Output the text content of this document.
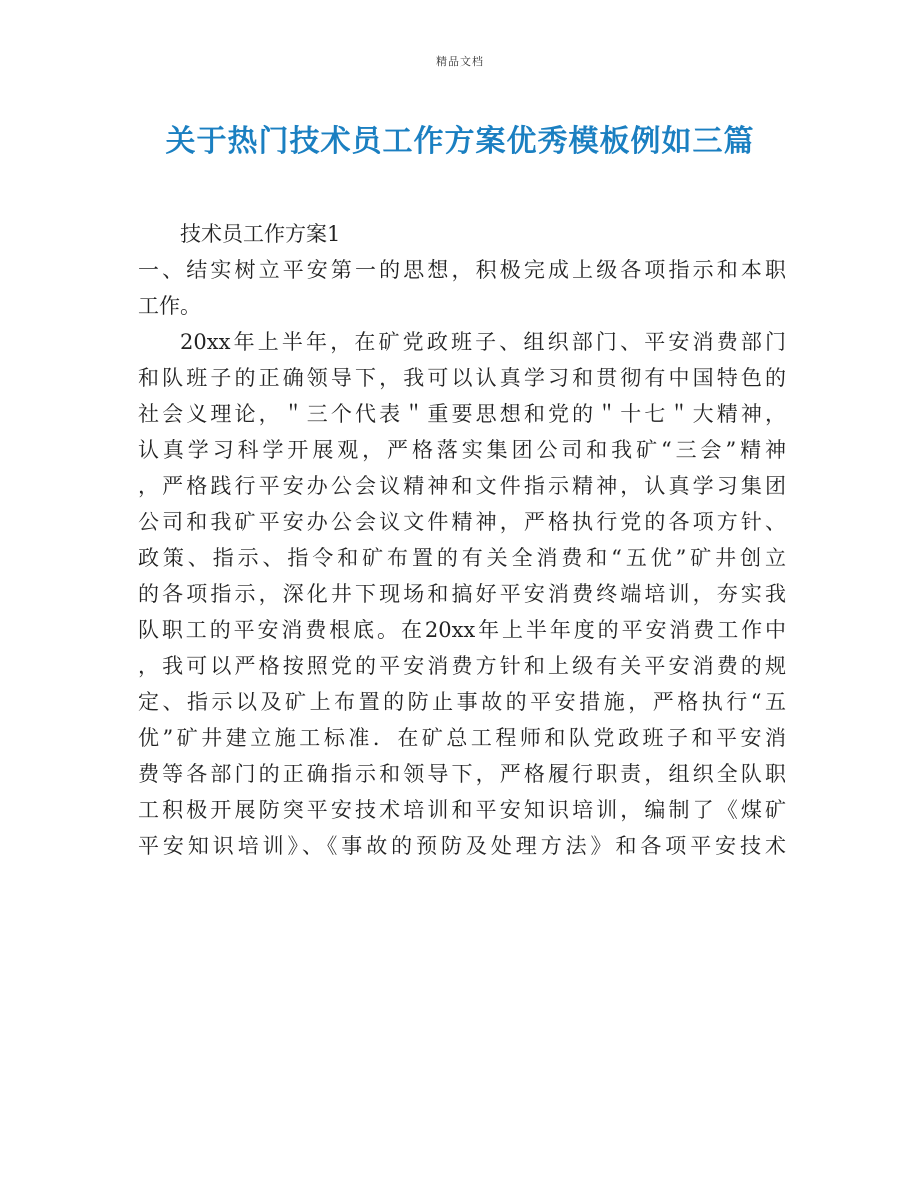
精品文档
关于热门技术员工作方案优秀模板例如三篇
技术员工作方案1
一、结实树立平安第一的思想，积极完成上级各项指示和本职
工作。
20xx年上半年，在矿党政班子、组织部门、平安消费部门
和队班子的正确领导下，我可以认真学习和贯彻有中国特色的
社会义理论，＂三个代表＂重要思想和党的＂十七＂大精神，
认真学习科学开展观，严格落实集团公司和我矿“三会”精神
，严格践行平安办公会议精神和文件指示精神，认真学习集团
公司和我矿平安办公会议文件精神，严格执行党的各项方针、
政策、指示、指令和矿布置的有关全消费和“五优”矿井创立
的各项指示，深化井下现场和搞好平安消费终端培训，夯实我
队职工的平安消费根底。在20xx年上半年度的平安消费工作中
，我可以严格按照党的平安消费方针和上级有关平安消费的规
定、指示以及矿上布置的防止事故的平安措施，严格执行“五
优”矿井建立施工标准．在矿总工程师和队党政班子和平安消
费等各部门的正确指示和领导下，严格履行职责，组织全队职
工积极开展防突平安技术培训和平安知识培训，编制了《煤矿
平安知识培训》、《事故的预防及处理方法》和各项平安技术
